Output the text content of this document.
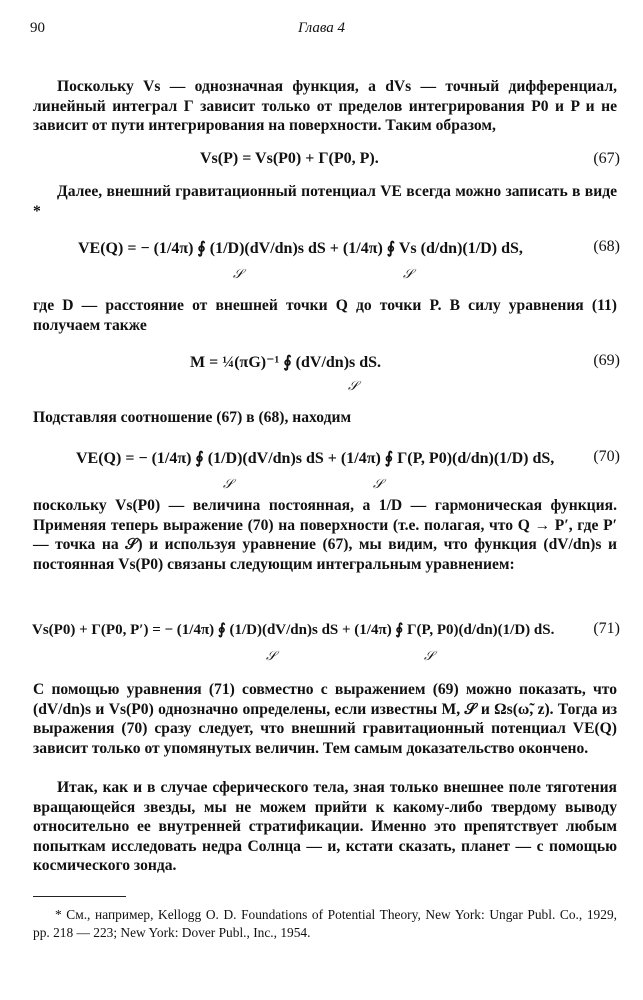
90	Глава 4

Поскольку Vs — однозначная функция, а dVs — точный дифференциал, линейный интеграл Г зависит только от пределов интегрирования P0 и P и не зависит от пути интегрирования на поверхности. Таким образом,

Vs(P) = Vs(P0) + Г(P0, P).	(67)

Далее, внешний гравитационный потенциал VE всегда можно записать в виде *

VE(Q) = − (1/4π) ∮ (1/D)(dV/dn)s dS + (1/4π) ∮ Vs (d/dn)(1/D) dS,	(68)
𝒮	𝒮

где D — расстояние от внешней точки Q до точки P. В силу уравнения (11) получаем также

M = ¼(πG)⁻¹ ∮ (dV/dn)s dS.	(69)
𝒮

Подставляя соотношение (67) в (68), находим

VE(Q) = − (1/4π) ∮ (1/D)(dV/dn)s dS + (1/4π) ∮ Г(P, P0)(d/dn)(1/D) dS, (70)
𝒮	𝒮

поскольку Vs(P0) — величина постоянная, а 1/D — гармоническая функция. Применяя теперь выражение (70) на поверхности (т.е. полагая, что Q → P′, где P′ — точка на 𝒮) и используя уравнение (67), мы видим, что функция (dV/dn)s и постоянная Vs(P0) связаны следующим интегральным уравнением:

Vs(P0) + Г(P0, P′) = − (1/4π) ∮ (1/D)(dV/dn)s dS + (1/4π) ∮ Г(P, P0)(d/dn)(1/D) dS. (71)
𝒮	𝒮

С помощью уравнения (71) совместно с выражением (69) можно показать, что (dV/dn)s и Vs(P0) однозначно определены, если известны M, 𝒮 и Ωs(ω̃, z). Тогда из выражения (70) сразу следует, что внешний гравитационный потенциал VE(Q) зависит только от упомянутых величин. Тем самым доказательство окончено.

Итак, как и в случае сферического тела, зная только внешнее поле тяготения вращающейся звезды, мы не можем прийти к какому-либо твердому выводу относительно ее внутренней стратификации. Именно это препятствует любым попыткам исследовать недра Солнца — и, кстати сказать, планет — с помощью космического зонда.

* См., например, Kellogg O. D. Foundations of Potential Theory, New York: Ungar Publ. Co., 1929, pp. 218 — 223; New York: Dover Publ., Inc., 1954.
